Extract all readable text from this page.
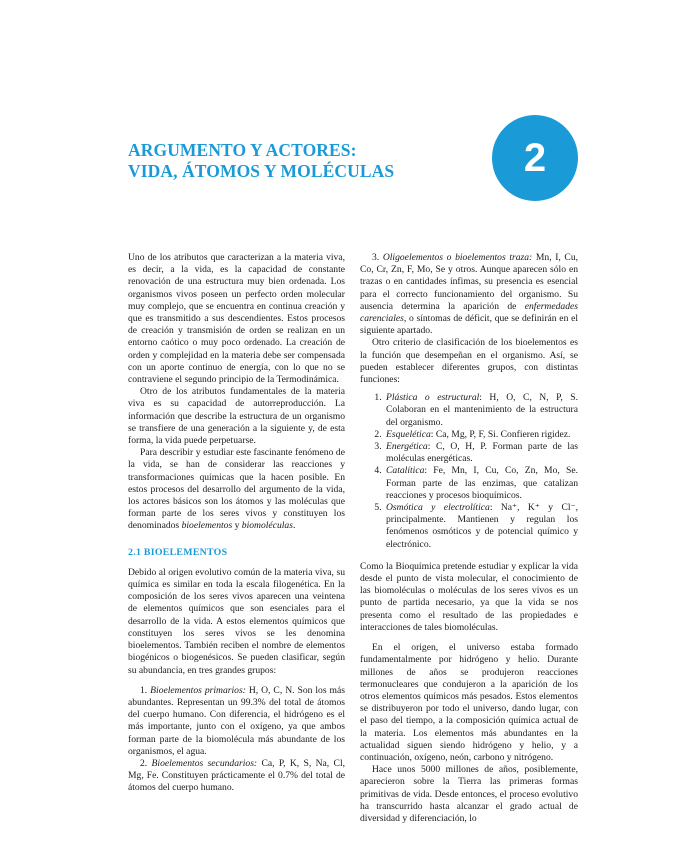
ARGUMENTO Y ACTORES:
VIDA, ÁTOMOS Y MOLÉCULAS	2

Uno de los atributos que caracterizan a la materia viva, es decir, a la vida, es la capacidad de constante renovación de una estructura muy bien ordenada. Los organismos vivos poseen un perfecto orden molecular muy complejo, que se encuentra en continua creación y que es transmitido a sus descendientes. Estos procesos de creación y transmisión de orden se realizan en un entorno caótico o muy poco ordenado. La creación de orden y complejidad en la materia debe ser compensada con un aporte continuo de energía, con lo que no se contraviene el segundo principio de la Termodinámica.

Otro de los atributos fundamentales de la materia viva es su capacidad de autorreproducción. La información que describe la estructura de un organismo se transfiere de una generación a la siguiente y, de esta forma, la vida puede perpetuarse.

Para describir y estudiar este fascinante fenómeno de la vida, se han de considerar las reacciones y transformaciones químicas que la hacen posible. En estos procesos del desarrollo del argumento de la vida, los actores básicos son los átomos y las moléculas que forman parte de los seres vivos y constituyen los denominados bioelementos y biomoléculas.

2.1 BIOELEMENTOS

Debido al origen evolutivo común de la materia viva, su química es similar en toda la escala filogenética. En la composición de los seres vivos aparecen una veintena de elementos químicos que son esenciales para el desarrollo de la vida. A estos elementos químicos que constituyen los seres vivos se les denomina bioelementos. También reciben el nombre de elementos biogénicos o biogenésicos. Se pueden clasificar, según su abundancia, en tres grandes grupos:

1. Bioelementos primarios: H, O, C, N. Son los más abundantes. Representan un 99.3% del total de átomos del cuerpo humano. Con diferencia, el hidrógeno es el más importante, junto con el oxígeno, ya que ambos forman parte de la biomolécula más abundante de los organismos, el agua.

2. Bioelementos secundarios: Ca, P, K, S, Na, Cl, Mg, Fe. Constituyen prácticamente el 0.7% del total de átomos del cuerpo humano.

3. Oligoelementos o bioelementos traza: Mn, I, Cu, Co, Cr, Zn, F, Mo, Se y otros. Aunque aparecen sólo en trazas o en cantidades ínfimas, su presencia es esencial para el correcto funcionamiento del organismo. Su ausencia determina la aparición de enfermedades carenciales, o síntomas de déficit, que se definirán en el siguiente apartado.

Otro criterio de clasificación de los bioelementos es la función que desempeñan en el organismo. Así, se pueden establecer diferentes grupos, con distintas funciones:

1. Plástica o estructural: H, O, C, N, P, S. Colaboran en el mantenimiento de la estructura del organismo.
2. Esquelética: Ca, Mg, P, F, Si. Confieren rigidez.
3. Energética: C, O, H, P. Forman parte de las moléculas energéticas.
4. Catalítica: Fe, Mn, I, Cu, Co, Zn, Mo, Se. Forman parte de las enzimas, que catalizan reacciones y procesos bioquímicos.
5. Osmótica y electrolítica: Na⁺, K⁺ y Cl⁻, principalmente. Mantienen y regulan los fenómenos osmóticos y de potencial químico y electrónico.

Como la Bioquímica pretende estudiar y explicar la vida desde el punto de vista molecular, el conocimiento de las biomoléculas o moléculas de los seres vivos es un punto de partida necesario, ya que la vida se nos presenta como el resultado de las propiedades e interacciones de tales biomoléculas.

En el origen, el universo estaba formado fundamentalmente por hidrógeno y helio. Durante millones de años se produjeron reacciones termonucleares que condujeron a la aparición de los otros elementos químicos más pesados. Estos elementos se distribuyeron por todo el universo, dando lugar, con el paso del tiempo, a la composición química actual de la materia. Los elementos más abundantes en la actualidad siguen siendo hidrógeno y helio, y a continuación, oxígeno, neón, carbono y nitrógeno.

Hace unos 5000 millones de años, posiblemente, aparecieron sobre la Tierra las primeras formas primitivas de vida. Desde entonces, el proceso evolutivo ha transcurrido hasta alcanzar el grado actual de diversidad y diferenciación, lo
